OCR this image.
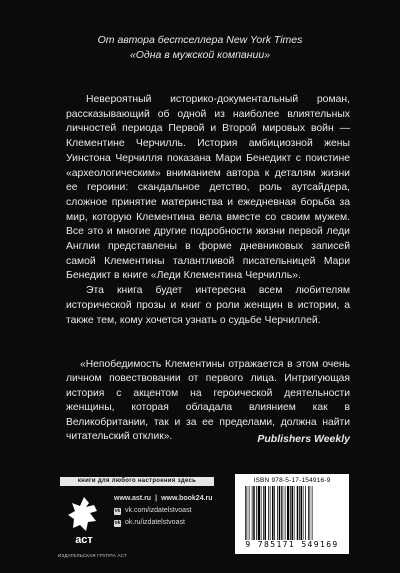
От автора бестселлера New York Times
«Одна в мужской компании»

Невероятный историко-документальный роман, рассказывающий об одной из наиболее влиятельных личностей периода Первой и Второй мировых войн — Клементине Черчилль. История амбициозной жены Уинстона Черчилля показана Мари Бенедикт с поистине «археологическим» вниманием автора к деталям жизни ее героини: скандальное детство, роль аутсайдера, сложное принятие материнства и ежедневная борьба за мир, которую Клементина вела вместе со своим мужем. Все это и многие другие подробности жизни первой леди Англии представлены в форме дневниковых записей самой Клементины талантливой писательницей Мари Бенедикт в книге «Леди Клементина Черчилль».

Эта книга будет интересна всем любителям исторической прозы и книг о роли женщин в истории, а также тем, кому хочется узнать о судьбе Черчиллей.

«Непобедимость Клементины отражается в этом очень личном повествовании от первого лица. Интригующая история с акцентом на героической деятельности женщины, которая обладала влиянием как в Великобритании, так и за ее пределами, должна найти читательский отклик».	Publishers Weekly
книги для любого настроения здесь
аст
ИЗДАТЕЛЬСКАЯ ГРУППА АСТ
www.ast.ru | www.book24.ru
vk vk.com/izdatelstvoast
ok ok.ru/izdatelstvoast
ISBN 978-5-17-154916-9
9 785171 549169
